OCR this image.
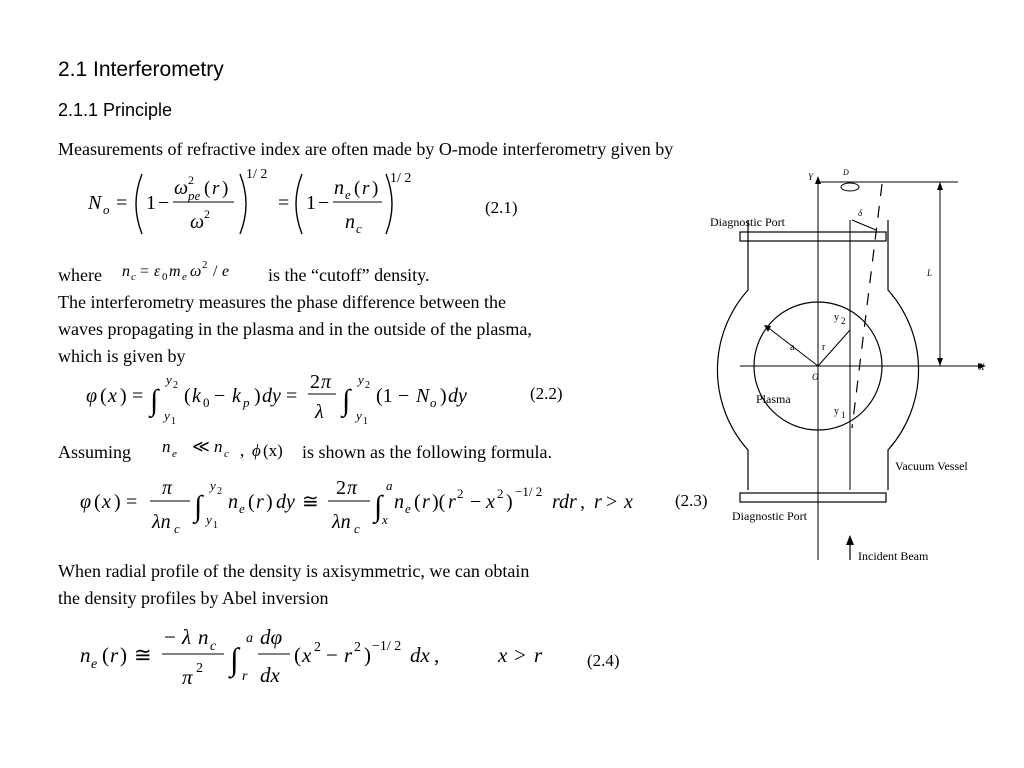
2.1 Interferometry
2.1.1 Principle
Measurements of refractive index are often made by O-mode interferometry given by
N o = 1 −
ω 2
pe ( r )
ω 2
1/ 2
= 1 −
n e ( r )
n c
1/ 2
(2.1)
where n c = ε 0 m e ω 2 / e is the “cutoff” density.
The interferometry measures the phase difference between the
waves propagating in the plasma and in the outside of the plasma,
which is given by
φ ( x ) = ∫
y 2
y 1
( k 0 − k p ) dy =
2 π
λ ∫
y 2
y 1
(1 − N o ) dy	(2.2)
Assuming n e ≪ n c , ϕ (x) is shown as the following formula.
φ ( x ) =
π
λn c
∫
y 2
y 1
n e ( r ) dy ≅
2 π
λn c
∫
a
x
n e ( r )( r 2 − x 2 ) −1/ 2 rdr , r > x (2.3)
When radial profile of the density is axisymmetric, we can obtain
the density profiles by Abel inversion
n e ( r ) ≅
− λ n c
π 2 ∫
a
r
dφ
dx
( x 2 − r 2 ) −1/ 2 dx ,	x > r	(2.4)
Diagnostic Port
Diagnostic Port
Plasma
Vacuum Vessel
Incident Beam
Y
X
O
D
δ
L
a	r
y 2
y 1
